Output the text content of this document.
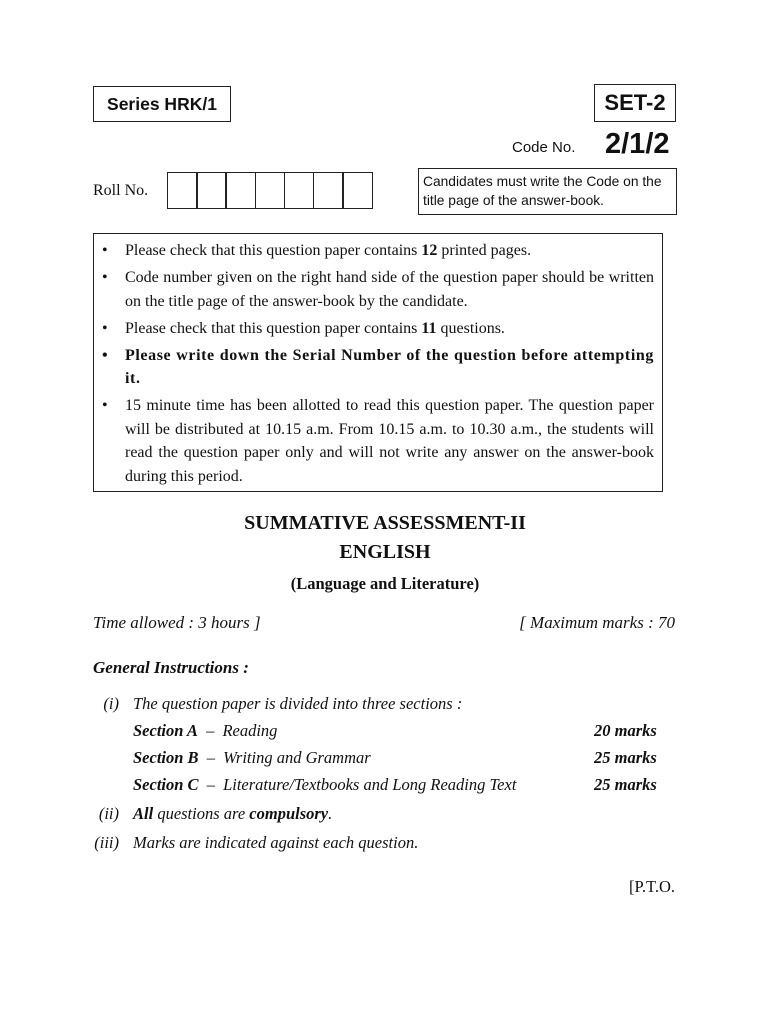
Series HRK/1	SET-2
Code No. 2/1/2
Roll No.
Candidates must write the Code on the title page of the answer-book.
• Please check that this question paper contains 12 printed pages.
• Code number given on the right hand side of the question paper should be written on the title page of the answer-book by the candidate.
• Please check that this question paper contains 11 questions.
• Please write down the Serial Number of the question before attempting it.
• 15 minute time has been allotted to read this question paper. The question paper will be distributed at 10.15 a.m. From 10.15 a.m. to 10.30 a.m., the students will read the question paper only and will not write any answer on the answer-book during this period.
SUMMATIVE ASSESSMENT-II
ENGLISH
(Language and Literature)
Time allowed : 3 hours ]	[ Maximum marks : 70
General Instructions :
(i) The question paper is divided into three sections :
Section A – Reading	20 marks
Section B – Writing and Grammar	25 marks
Section C – Literature/Textbooks and Long Reading Text	25 marks
(ii) All questions are compulsory.
(iii) Marks are indicated against each question.
[P.T.O.
